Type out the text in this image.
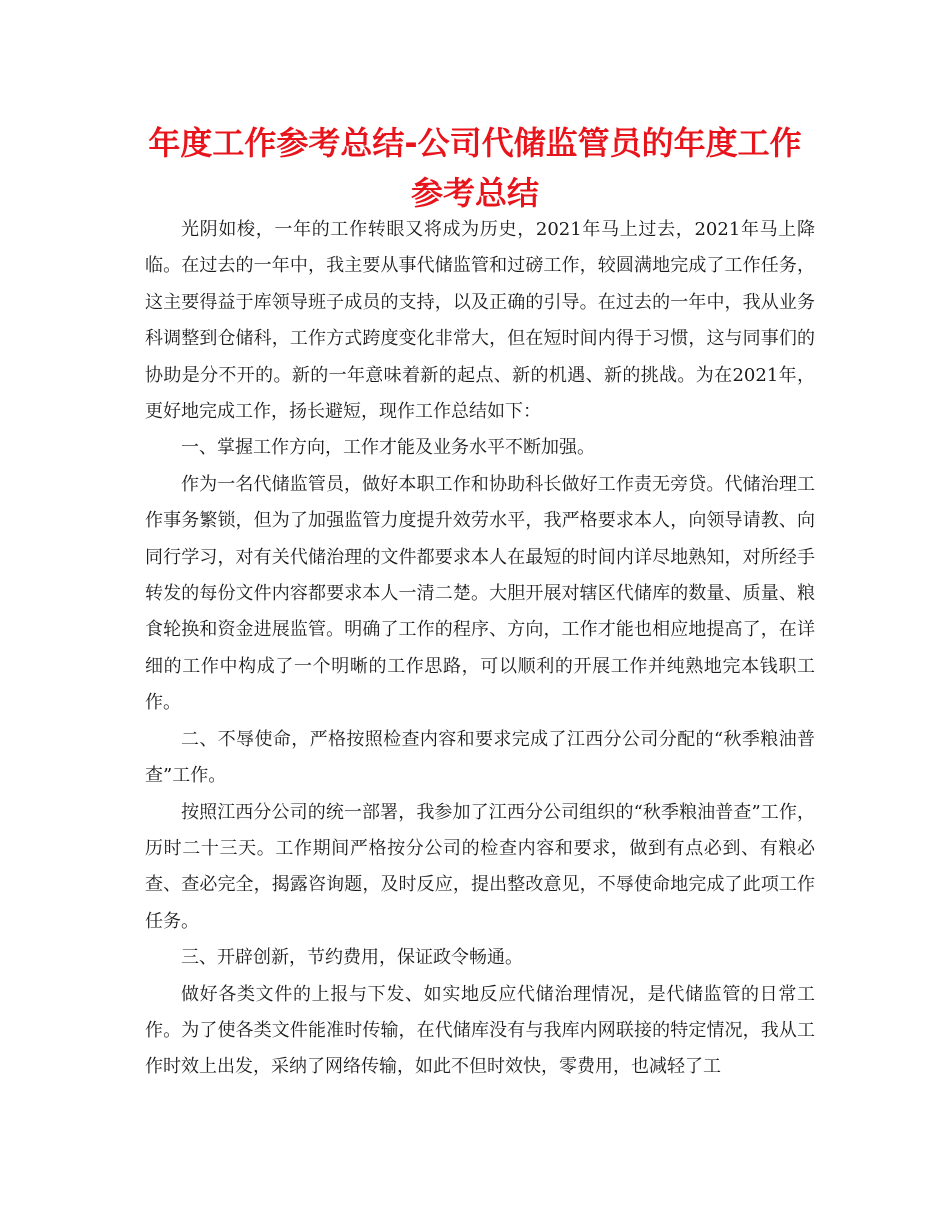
年度工作参考总结-公司代储监管员的年度工作参考总结

光阴如梭，一年的工作转眼又将成为历史，2021年马上过去，2021年马上降临。在过去的一年中，我主要从事代储监管和过磅工作，较圆满地完成了工作任务，这主要得益于库领导班子成员的支持，以及正确的引导。在过去的一年中，我从业务科调整到仓储科，工作方式跨度变化非常大，但在短时间内得于习惯，这与同事们的协助是分不开的。新的一年意味着新的起点、新的机遇、新的挑战。为在2021年，更好地完成工作，扬长避短，现作工作总结如下：

一、掌握工作方向，工作才能及业务水平不断加强。

作为一名代储监管员，做好本职工作和协助科长做好工作责无旁贷。代储治理工作事务繁锁，但为了加强监管力度提升效劳水平，我严格要求本人，向领导请教、向同行学习，对有关代储治理的文件都要求本人在最短的时间内详尽地熟知，对所经手转发的每份文件内容都要求本人一清二楚。大胆开展对辖区代储库的数量、质量、粮食轮换和资金进展监管。明确了工作的程序、方向，工作才能也相应地提高了，在详细的工作中构成了一个明晰的工作思路，可以顺利的开展工作并纯熟地完本钱职工作。

二、不辱使命，严格按照检查内容和要求完成了江西分公司分配的“秋季粮油普查”工作。

按照江西分公司的统一部署，我参加了江西分公司组织的“秋季粮油普查”工作，历时二十三天。工作期间严格按分公司的检查内容和要求，做到有点必到、有粮必查、查必完全，揭露咨询题，及时反应，提出整改意见，不辱使命地完成了此项工作任务。

三、开辟创新，节约费用，保证政令畅通。

做好各类文件的上报与下发、如实地反应代储治理情况，是代储监管的日常工作。为了使各类文件能准时传输，在代储库没有与我库内网联接的特定情况，我从工作时效上出发，采纳了网络传输，如此不但时效快，零费用，也减轻了工
